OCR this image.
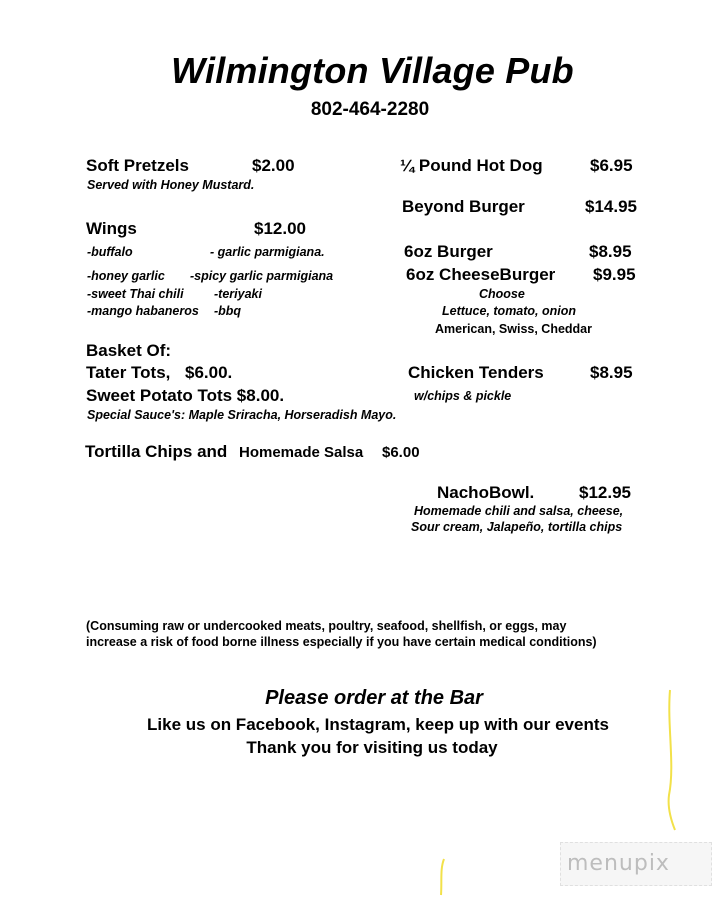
Wilmington Village Pub
802-464-2280
Soft Pretzels	$2.00
Served with Honey Mustard.
Wings	$12.00
-buffalo	- garlic parmigiana.
-honey garlic -spicy garlic parmigiana
-sweet Thai chili -teriyaki
-mango habaneros -bbq
Basket Of:
Tater Tots, $6.00.
Sweet Potato Tots $8.00.
Special Sauce's: Maple Sriracha, Horseradish Mayo.
Tortilla Chips and Homemade Salsa $6.00
¼ Pound Hot Dog	$6.95
Beyond Burger	$14.95
6oz Burger	$8.95
6oz CheeseBurger $9.95
Choose
Lettuce, tomato, onion
American, Swiss, Cheddar
Chicken Tenders	$8.95
w/chips & pickle
NachoBowl.	$12.95
Homemade chili and salsa, cheese,
Sour cream, Jalapeño, tortilla chips
(Consuming raw or undercooked meats, poultry, seafood, shellfish, or eggs, may
increase a risk of food borne illness especially if you have certain medical conditions)
Please order at the Bar
Like us on Facebook, Instagram, keep up with our events
Thank you for visiting us today
menupix
